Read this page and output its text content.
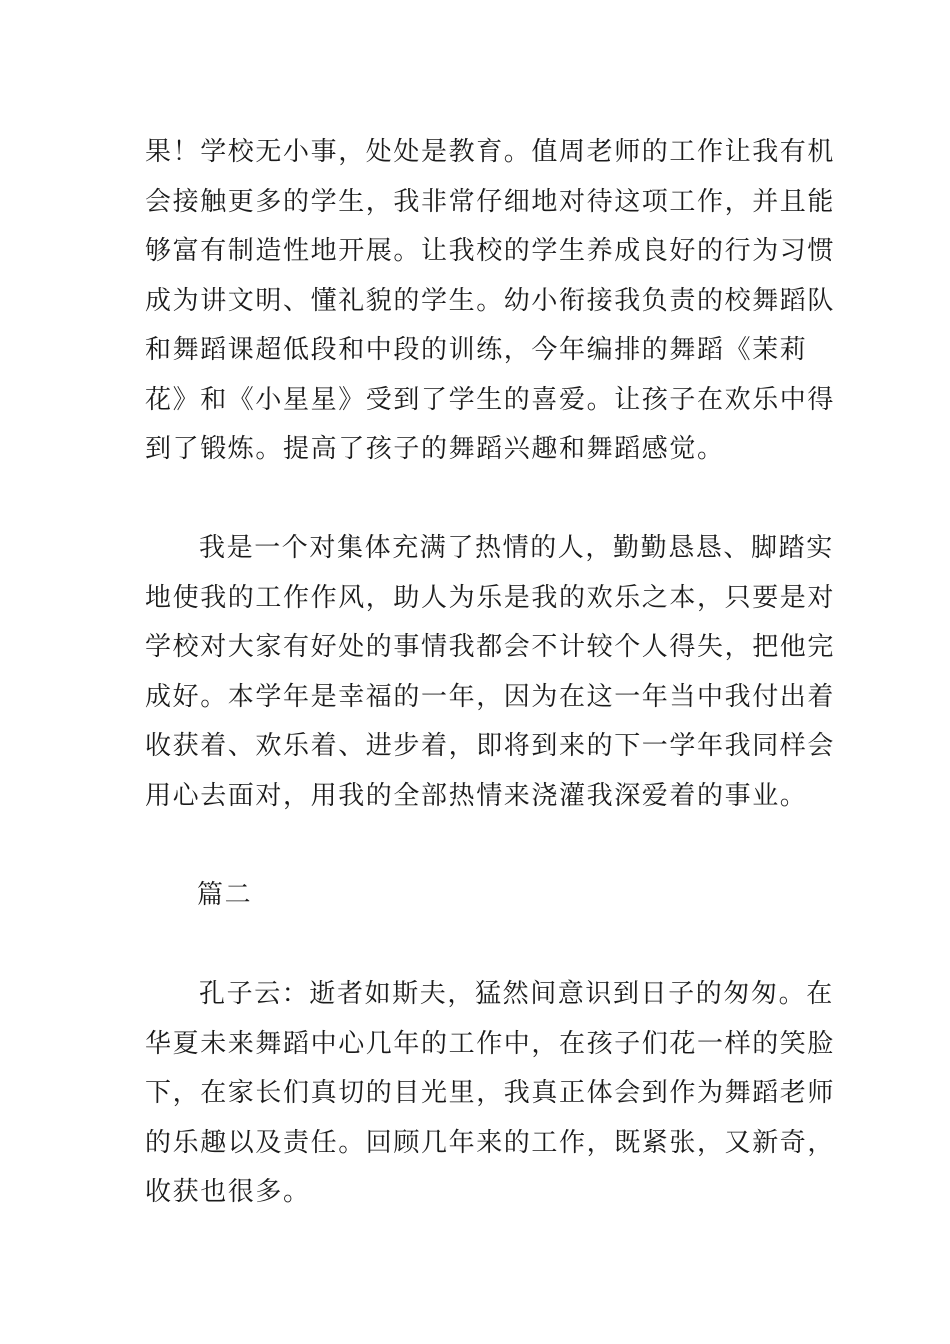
果！学校无小事，处处是教育。值周老师的工作让我有机
会接触更多的学生，我非常仔细地对待这项工作，并且能
够富有制造性地开展。让我校的学生养成良好的行为习惯
成为讲文明、懂礼貌的学生。幼小衔接我负责的校舞蹈队
和舞蹈课超低段和中段的训练，今年编排的舞蹈《茉莉
花》和《小星星》受到了学生的喜爱。让孩子在欢乐中得
到了锻炼。提高了孩子的舞蹈兴趣和舞蹈感觉。
我是一个对集体充满了热情的人，勤勤恳恳、脚踏实
地使我的工作作风，助人为乐是我的欢乐之本，只要是对
学校对大家有好处的事情我都会不计较个人得失，把他完
成好。本学年是幸福的一年，因为在这一年当中我付出着
收获着、欢乐着、进步着，即将到来的下一学年我同样会
用心去面对，用我的全部热情来浇灌我深爱着的事业。
篇二
孔子云：逝者如斯夫，猛然间意识到日子的匆匆。在
华夏未来舞蹈中心几年的工作中，在孩子们花一样的笑脸
下，在家长们真切的目光里，我真正体会到作为舞蹈老师
的乐趣以及责任。回顾几年来的工作，既紧张，又新奇，
收获也很多。
